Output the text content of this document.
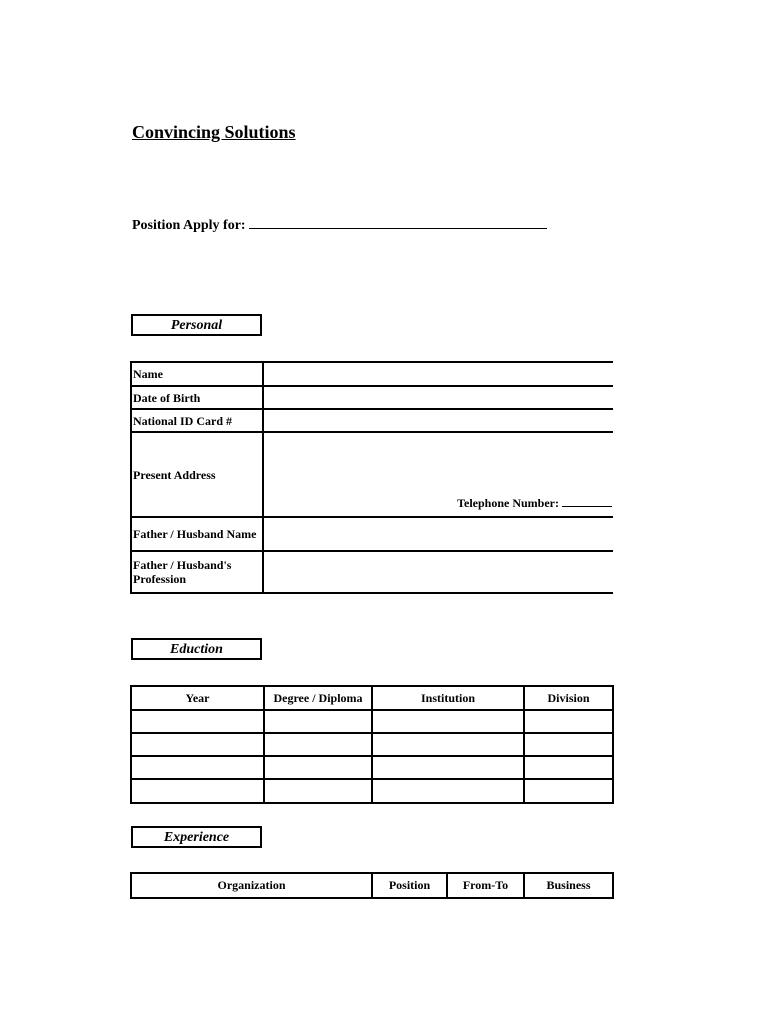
Convincing Solutions
Position Apply for:
Personal
Name	
Date of Birth	
National ID Card #	
Present Address	Telephone Number:

Father / Husband Name	
Father / Husband's Profession	
Eduction
Year	Degree / Diploma	Institution	Division

Experience
Organization	Position	From-To	Business
